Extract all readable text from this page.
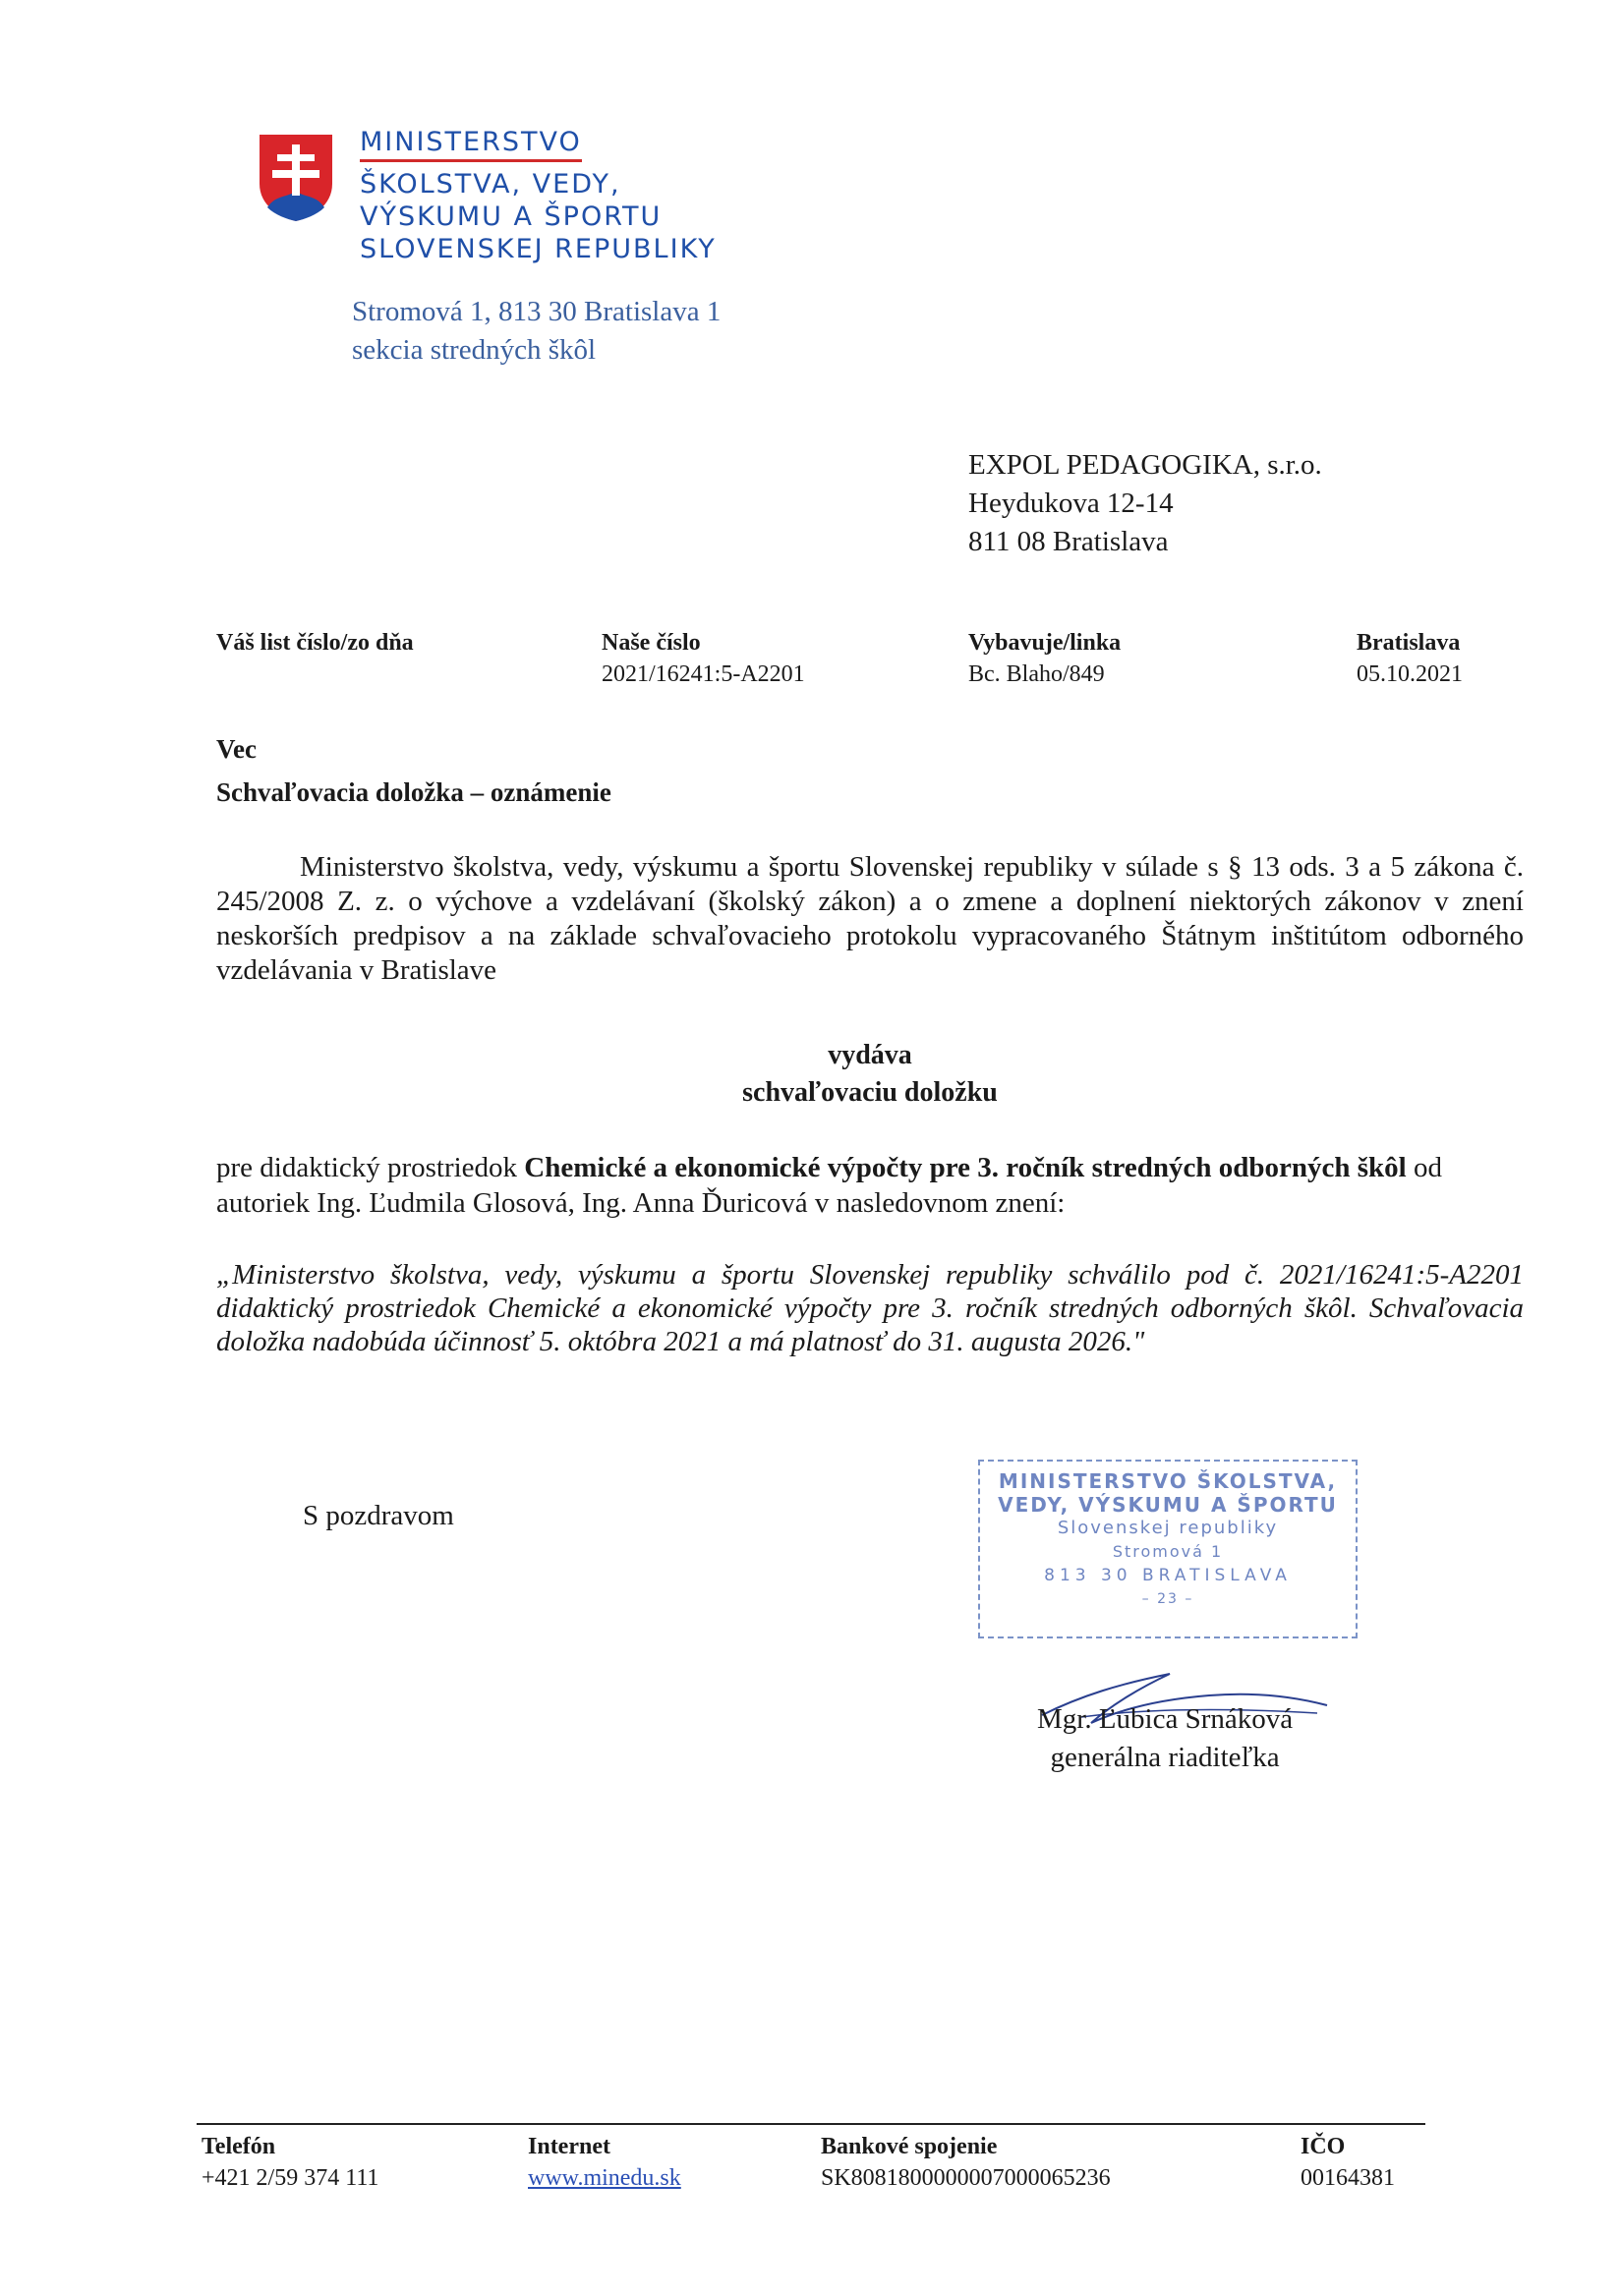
MINISTERSTVO
ŠKOLSTVA, VEDY,
VÝSKUMU A ŠPORTU
SLOVENSKEJ REPUBLIKY
Stromová 1, 813 30 Bratislava 1
sekcia stredných škôl
EXPOL PEDAGOGIKA, s.r.o.
Heydukova 12-14
811 08 Bratislava
Váš list číslo/zo dňa	Naše číslo
2021/16241:5-A2201
Vybavuje/linka
Bc. Blaho/849
Bratislava
05.10.2021
Vec
Schvaľovacia doložka – oznámenie
Ministerstvo školstva, vedy, výskumu a športu Slovenskej republiky v súlade s § 13 ods. 3 a 5 zákona č. 245/2008 Z. z. o výchove a vzdelávaní (školský zákon) a o zmene a doplnení niektorých zákonov v znení neskorších predpisov a na základe schvaľovacieho protokolu vypracovaného Štátnym inštitútom odborného vzdelávania v Bratislave
vydáva
schvaľovaciu doložku
pre didaktický prostriedok Chemické a ekonomické výpočty pre 3. ročník stredných odborných škôl od autoriek Ing. Ľudmila Glosová, Ing. Anna Ďuricová v nasledovnom znení:
„Ministerstvo školstva, vedy, výskumu a športu Slovenskej republiky schválilo pod č. 2021/16241:5-A2201 didaktický prostriedok Chemické a ekonomické výpočty pre 3. ročník stredných odborných škôl. Schvaľovacia doložka nadobúda účinnosť 5. októbra 2021 a má platnosť do 31. augusta 2026."
S pozdravom
MINISTERSTVO ŠKOLSTVA,
VEDY, VÝSKUMU A ŠPORTU
Slovenskej republiky
Stromová 1
813 30 BRATISLAVA
– 23 –
Mgr. Ľubica Srnáková
generálna riaditeľka
Telefón
+421 2/59 374 111
Internet
www.minedu.sk
Bankové spojenie
SK8081800000007000065236
IČO
00164381
